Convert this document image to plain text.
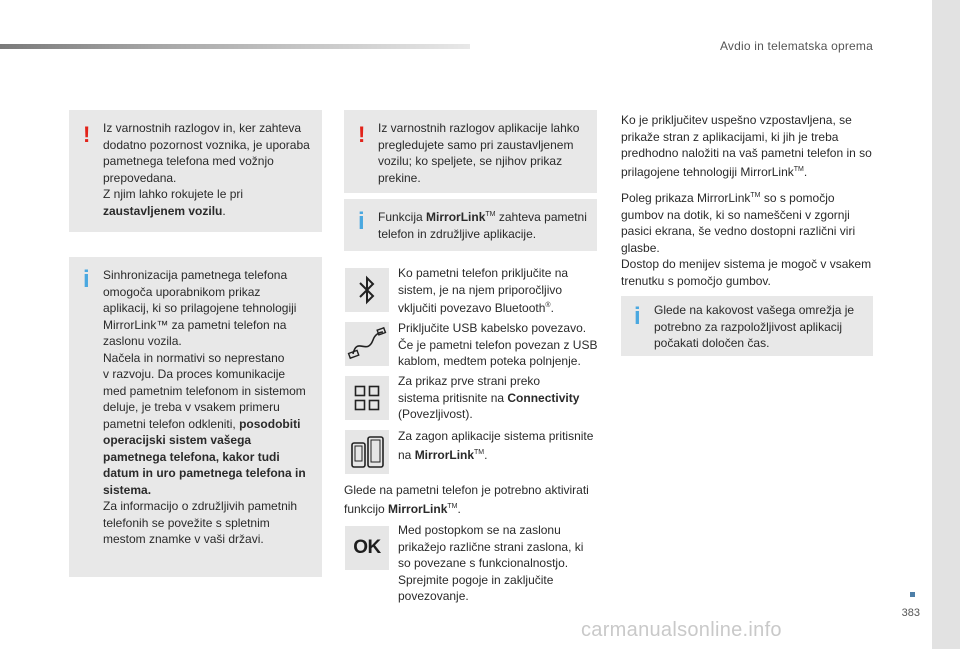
Avdio in telematska oprema
383
! Iz varnostnih razlogov in, ker zahteva

dodatno pozornost voznika, je uporaba

pametnega telefona med vožnjo

prepovedana.

Z njim lahko rokujete le pri

zaustavljenem vozilu.

i Sinhronizacija pametnega telefona

omogoča uporabnikom prikaz

aplikacij, ki so prilagojene tehnologiji

MirrorLink™ za pametni telefon na

zaslonu vozila.

Načela in normativi so neprestano

v razvoju. Da proces komunikacije

med pametnim telefonom in sistemom

deluje, je treba v vsakem primeru

pametni telefon odkleniti, posodobiti

operacijski sistem vašega

pametnega telefona, kakor tudi

datum in uro pametnega telefona in

sistema.

Za informacijo o združljivih pametnih

telefonih se povežite s spletnim

mestom znamke v vaši državi.

! Iz varnostnih razlogov aplikacije lahko

pregledujete samo pri zaustavljenem

vozilu; ko speljete, se njihov prikaz

prekine.

i Funkcija MirrorLink™ zahteva pametni

telefon in združljive aplikacije.

Ko pametni telefon priključite na

sistem, je na njem priporočljivo

vključiti povezavo Bluetooth®.

Priključite USB kabelsko povezavo.

Če je pametni telefon povezan z USB

kablom, medtem poteka polnjenje.

Za prikaz prve strani preko

sistema pritisnite na Connectivity

(Povezljivost).

Za zagon aplikacije sistema pritisnite

na MirrorLink™.

Glede na pametni telefon je potrebno aktivirati

funkcijo MirrorLink™.

OK

Med postopkom se na zaslonu

prikažejo različne strani zaslona, ki

so povezane s funkcionalnostjo.

Sprejmite pogoje in zaključite

povezovanje.

Ko je priključitev uspešno vzpostavljena, se

prikaže stran z aplikacijami, ki jih je treba

predhodno naložiti na vaš pametni telefon in so

prilagojene tehnologiji MirrorLink™.

Poleg prikaza MirrorLink™ so s pomočjo

gumbov na dotik, ki so nameščeni v zgornji

pasici ekrana, še vedno dostopni različni viri

glasbe.

Dostop do menijev sistema je mogoč v vsakem

trenutku s pomočjo gumbov.

i Glede na kakovost vašega omrežja je

potrebno za razpoložljivost aplikacij

počakati določen čas.

carmanualsonline.info
